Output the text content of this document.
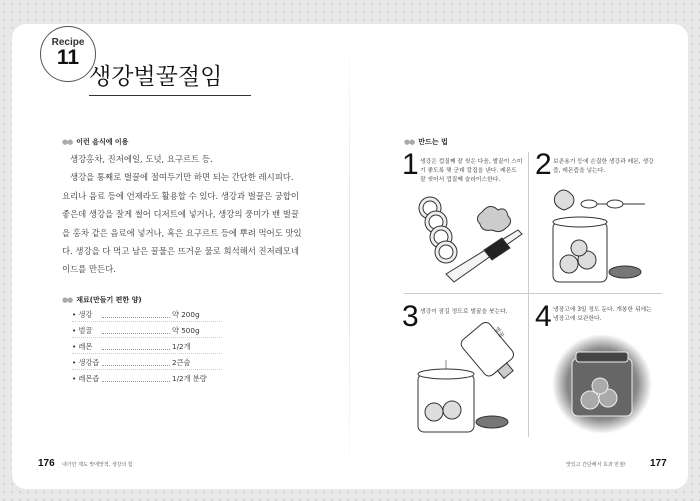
Recipe
11
생강벌꿀절임
●● 이런 음식에 이용

생강홍차, 진저에일, 도넛, 요구르트 등.

생강을 통째로 벌꿀에 절여두기만 하면 되는 간단한 레시피다.

요리나 음료 등에 언제라도 활용할 수 있다. 생강과 벌꿀은 궁합이

좋은데 생강을 잘게 썰어 디저트에 넣거나, 생강의 풍미가 밴 벌꿀

을 홍차 같은 음료에 넣거나, 혹은 요구르트 등에 뿌려 먹어도 맛있

다. 생강을 다 먹고 남은 꿀물은 뜨거운 물로 희석해서 진저레모네

이드를 만든다.

●● 재료(만들기 편한 양)
• 생강	약 200g
• 벌꿀	약 500g
• 레몬	1/2개
• 생강즙	2큰술
• 레몬즙	1/2개 분량
●● 만드는 법
1 생강은 껍질째 잘 씻은 다음, 발끝이 스미기 좋도록 몇 군데 칼집을 낸다. 레몬도 잘 씻어서 껍질째 슬라이스한다.	2 보존용기 등에 손질한 생강과 레몬, 생강즙, 레몬즙을 넣는다.
3 생강이 잠길 정도로 벌꿀을 붓는다.
벌꿀 4 냉장고에 3일 정도 둔다. 개봉한 뒤에는 냉장고에 보관한다.
176 내가만 제도 맛에맛적, 생강의 힘	맛있고 간단해서 효과 만점! 177
